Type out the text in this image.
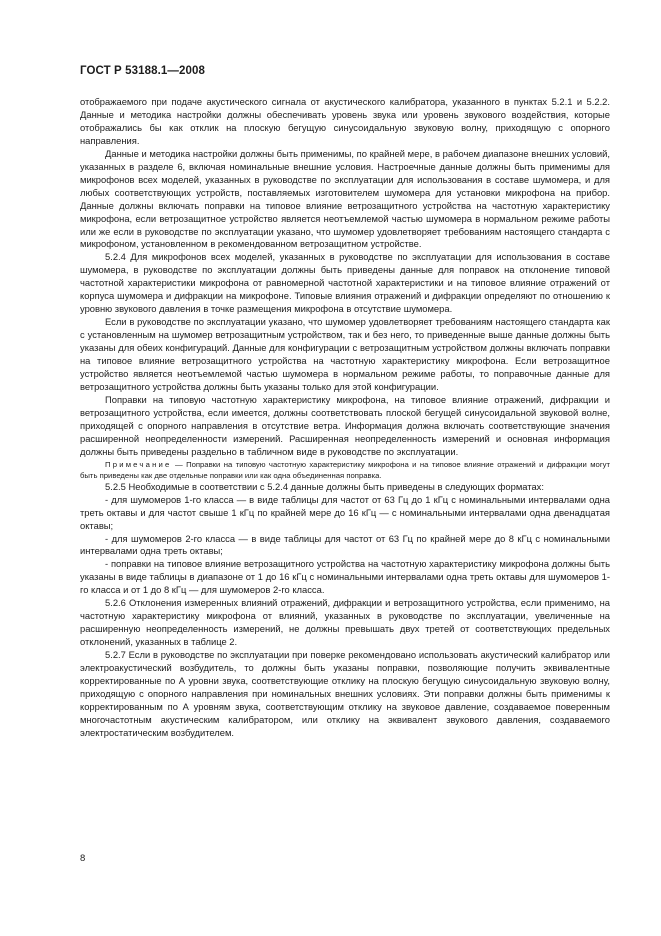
ГОСТ Р 53188.1—2008

отображаемого при подаче акустического сигнала от акустического калибратора, указанного в пунктах 5.2.1 и 5.2.2. Данные и методика настройки должны обеспечивать уровень звука или уровень звукового воздействия, которые отображались бы как отклик на плоскую бегущую синусоидальную звуковую волну, приходящую с опорного направления.

Данные и методика настройки должны быть применимы, по крайней мере, в рабочем диапазоне внешних условий, указанных в разделе 6, включая номинальные внешние условия. Настроечные данные должны быть применимы для микрофонов всех моделей, указанных в руководстве по эксплуатации для использования в составе шумомера, и для любых соответствующих устройств, поставляемых изготовителем шумомера для установки микрофона на прибор. Данные должны включать поправки на типовое влияние ветрозащитного устройства на частотную характеристику микрофона, если ветрозащитное устройство является неотъемлемой частью шумомера в нормальном режиме работы или же если в руководстве по эксплуатации указано, что шумомер удовлетворяет требованиям настоящего стандарта с микрофоном, установленном в рекомендованном ветрозащитном устройстве.

5.2.4 Для микрофонов всех моделей, указанных в руководстве по эксплуатации для использования в составе шумомера, в руководстве по эксплуатации должны быть приведены данные для поправок на отклонение типовой частотной характеристики микрофона от равномерной частотной характеристики и на типовое влияние отражений от корпуса шумомера и дифракции на микрофоне. Типовые влияния отражений и дифракции определяют по отношению к уровню звукового давления в точке размещения микрофона в отсутствие шумомера.

Если в руководстве по эксплуатации указано, что шумомер удовлетворяет требованиям настоящего стандарта как с установленным на шумомер ветрозащитным устройством, так и без него, то приведенные выше данные должны быть указаны для обеих конфигураций. Данные для конфигурации с ветрозащитным устройством должны включать поправки на типовое влияние ветрозащитного устройства на частотную характеристику микрофона. Если ветрозащитное устройство является неотъемлемой частью шумомера в нормальном режиме работы, то поправочные данные для ветрозащитного устройства должны быть указаны только для этой конфигурации.

Поправки на типовую частотную характеристику микрофона, на типовое влияние отражений, дифракции и ветрозащитного устройства, если имеется, должны соответствовать плоской бегущей синусоидальной звуковой волне, приходящей с опорного направления в отсутствие ветра. Информация должна включать соответствующие значения расширенной неопределенности измерений. Расширенная неопределенность измерений и основная информация должны быть приведены раздельно в табличном виде в руководстве по эксплуатации.

Примечание — Поправки на типовую частотную характеристику микрофона и на типовое влияние отражений и дифракции могут быть приведены как две отдельные поправки или как одна объединенная поправка.

5.2.5 Необходимые в соответствии с 5.2.4 данные должны быть приведены в следующих форматах:

- для шумомеров 1-го класса — в виде таблицы для частот от 63 Гц до 1 кГц с номинальными интервалами одна треть октавы и для частот свыше 1 кГц по крайней мере до 16 кГц — с номинальными интервалами одна двенадцатая октавы;

- для шумомеров 2-го класса — в виде таблицы для частот от 63 Гц по крайней мере до 8 кГц с номинальными интервалами одна треть октавы;

- поправки на типовое влияние ветрозащитного устройства на частотную характеристику микрофона должны быть указаны в виде таблицы в диапазоне от 1 до 16 кГц с номинальными интервалами одна треть октавы для шумомеров 1-го класса и от 1 до 8 кГц — для шумомеров 2-го класса.

5.2.6 Отклонения измеренных влияний отражений, дифракции и ветрозащитного устройства, если применимо, на частотную характеристику микрофона от влияний, указанных в руководстве по эксплуатации, увеличенные на расширенную неопределенность измерений, не должны превышать двух третей от соответствующих предельных отклонений, указанных в таблице 2.

5.2.7 Если в руководстве по эксплуатации при поверке рекомендовано использовать акустический калибратор или электроакустический возбудитель, то должны быть указаны поправки, позволяющие получить эквивалентные корректированные по А уровни звука, соответствующие отклику на плоскую бегущую синусоидальную звуковую волну, приходящую с опорного направления при номинальных внешних условиях. Эти поправки должны быть применимы к корректированным по А уровням звука, соответствующим отклику на звуковое давление, создаваемое поверенным многочастотным акустическим калибратором, или отклику на эквивалент звукового давления, создаваемого электростатическим возбудителем.

8
